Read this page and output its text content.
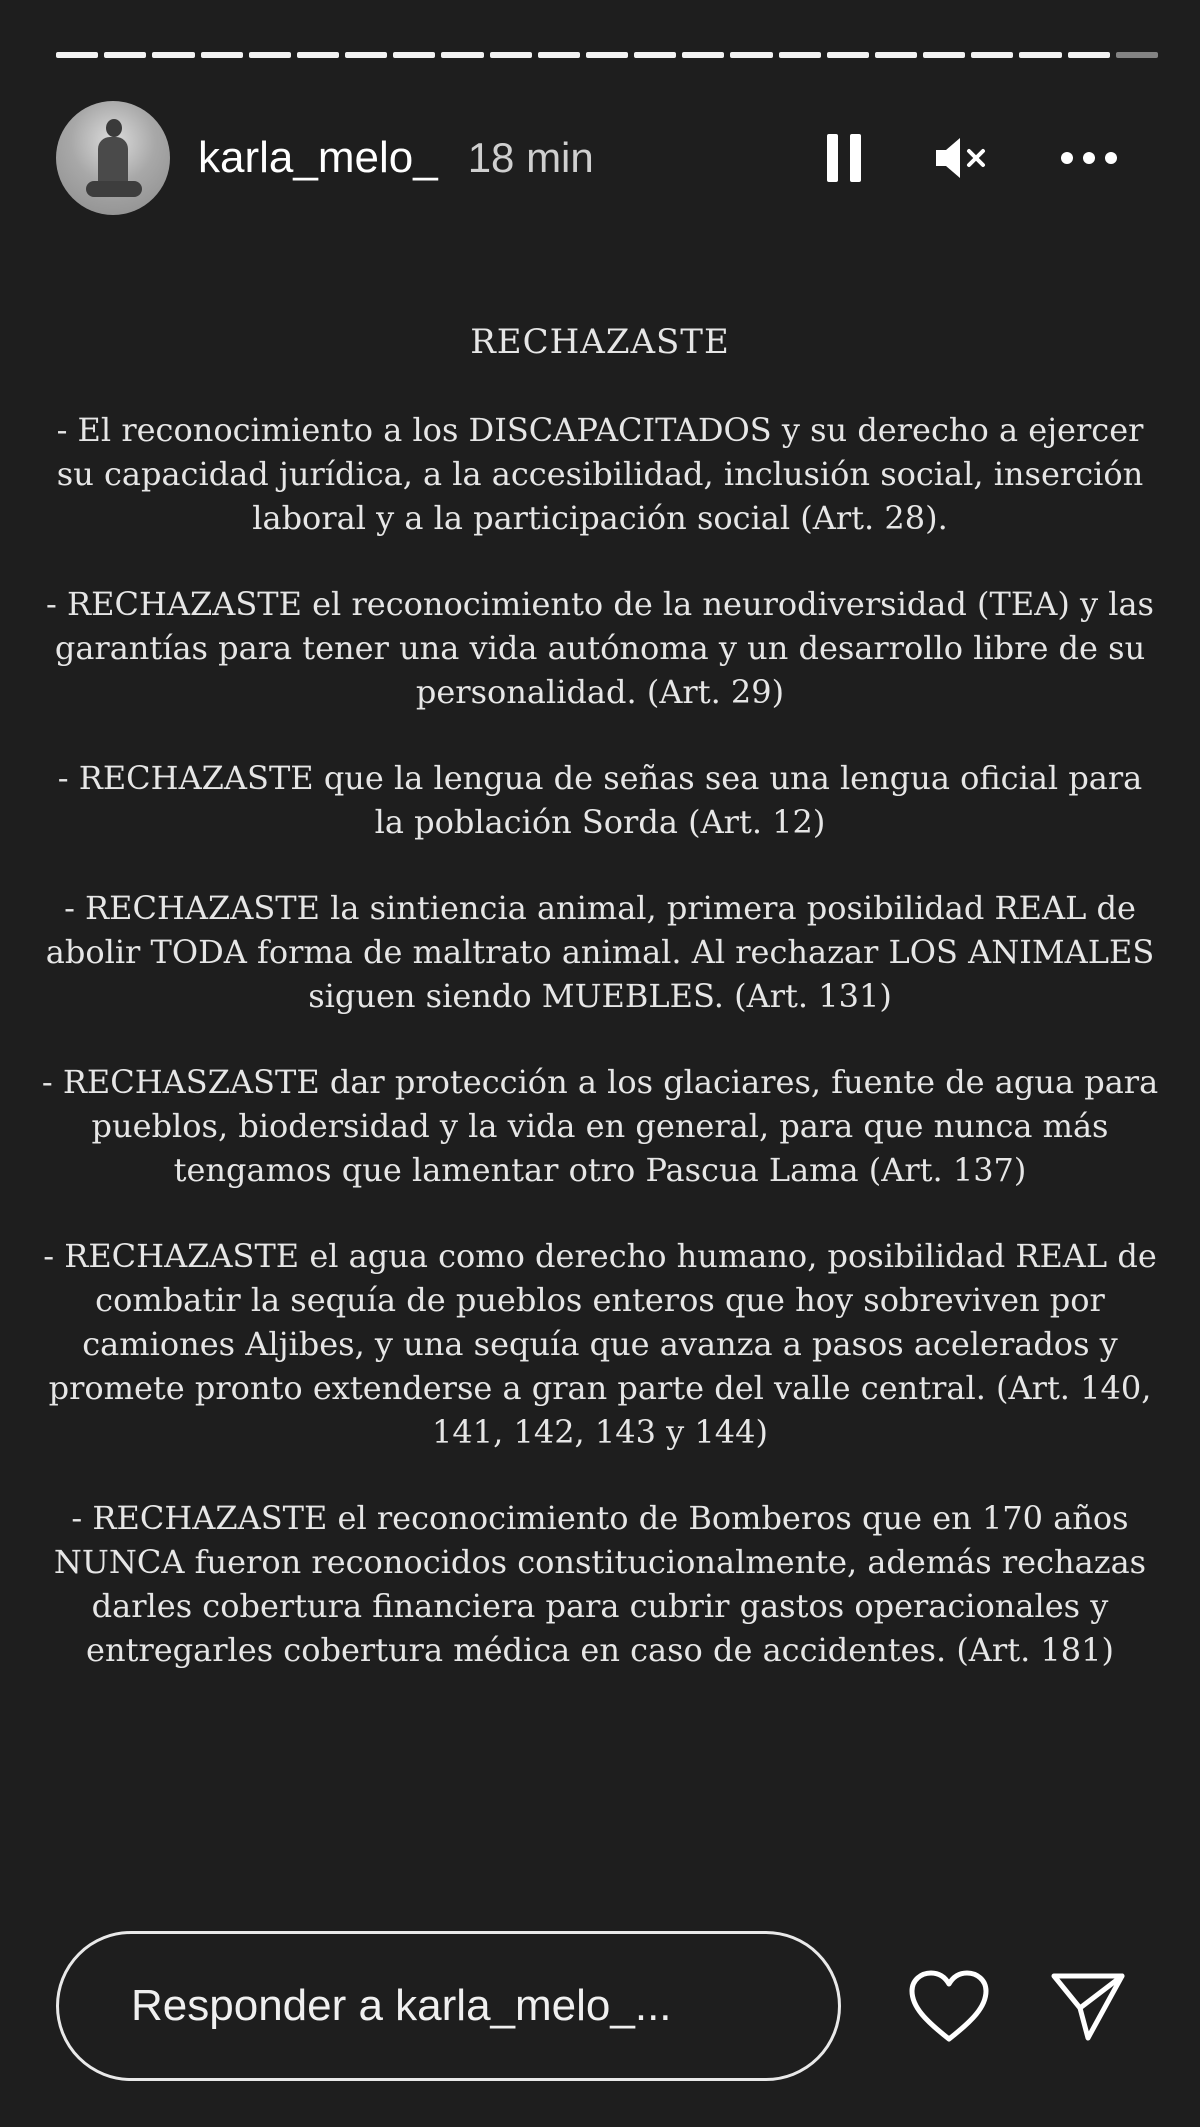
karla_melo_ 18 min
RECHAZASTE

- El reconocimiento a los DISCAPACITADOS y su derecho a ejercer su capacidad jurídica, a la accesibilidad, inclusión social, inserción laboral y a la participación social (Art. 28).

- RECHAZASTE el reconocimiento de la neurodiversidad (TEA) y las garantías para tener una vida autónoma y un desarrollo libre de su personalidad. (Art. 29)

- RECHAZASTE que la lengua de señas sea una lengua oficial para la población Sorda (Art. 12)

- RECHAZASTE la sintiencia animal, primera posibilidad REAL de abolir TODA forma de maltrato animal. Al rechazar LOS ANIMALES siguen siendo MUEBLES. (Art. 131)

- RECHASZASTE dar protección a los glaciares, fuente de agua para pueblos, biodersidad y la vida en general, para que nunca más tengamos que lamentar otro Pascua Lama (Art. 137)

- RECHAZASTE el agua como derecho humano, posibilidad REAL de combatir la sequía de pueblos enteros que hoy sobreviven por camiones Aljibes, y una sequía que avanza a pasos acelerados y promete pronto extenderse a gran parte del valle central. (Art. 140, 141, 142, 143 y 144)

- RECHAZASTE el reconocimiento de Bomberos que en 170 años NUNCA fueron reconocidos constitucionalmente, además rechazas darles cobertura financiera para cubrir gastos operacionales y entregarles cobertura médica en caso de accidentes. (Art. 181)

Responder a karla_melo_...
